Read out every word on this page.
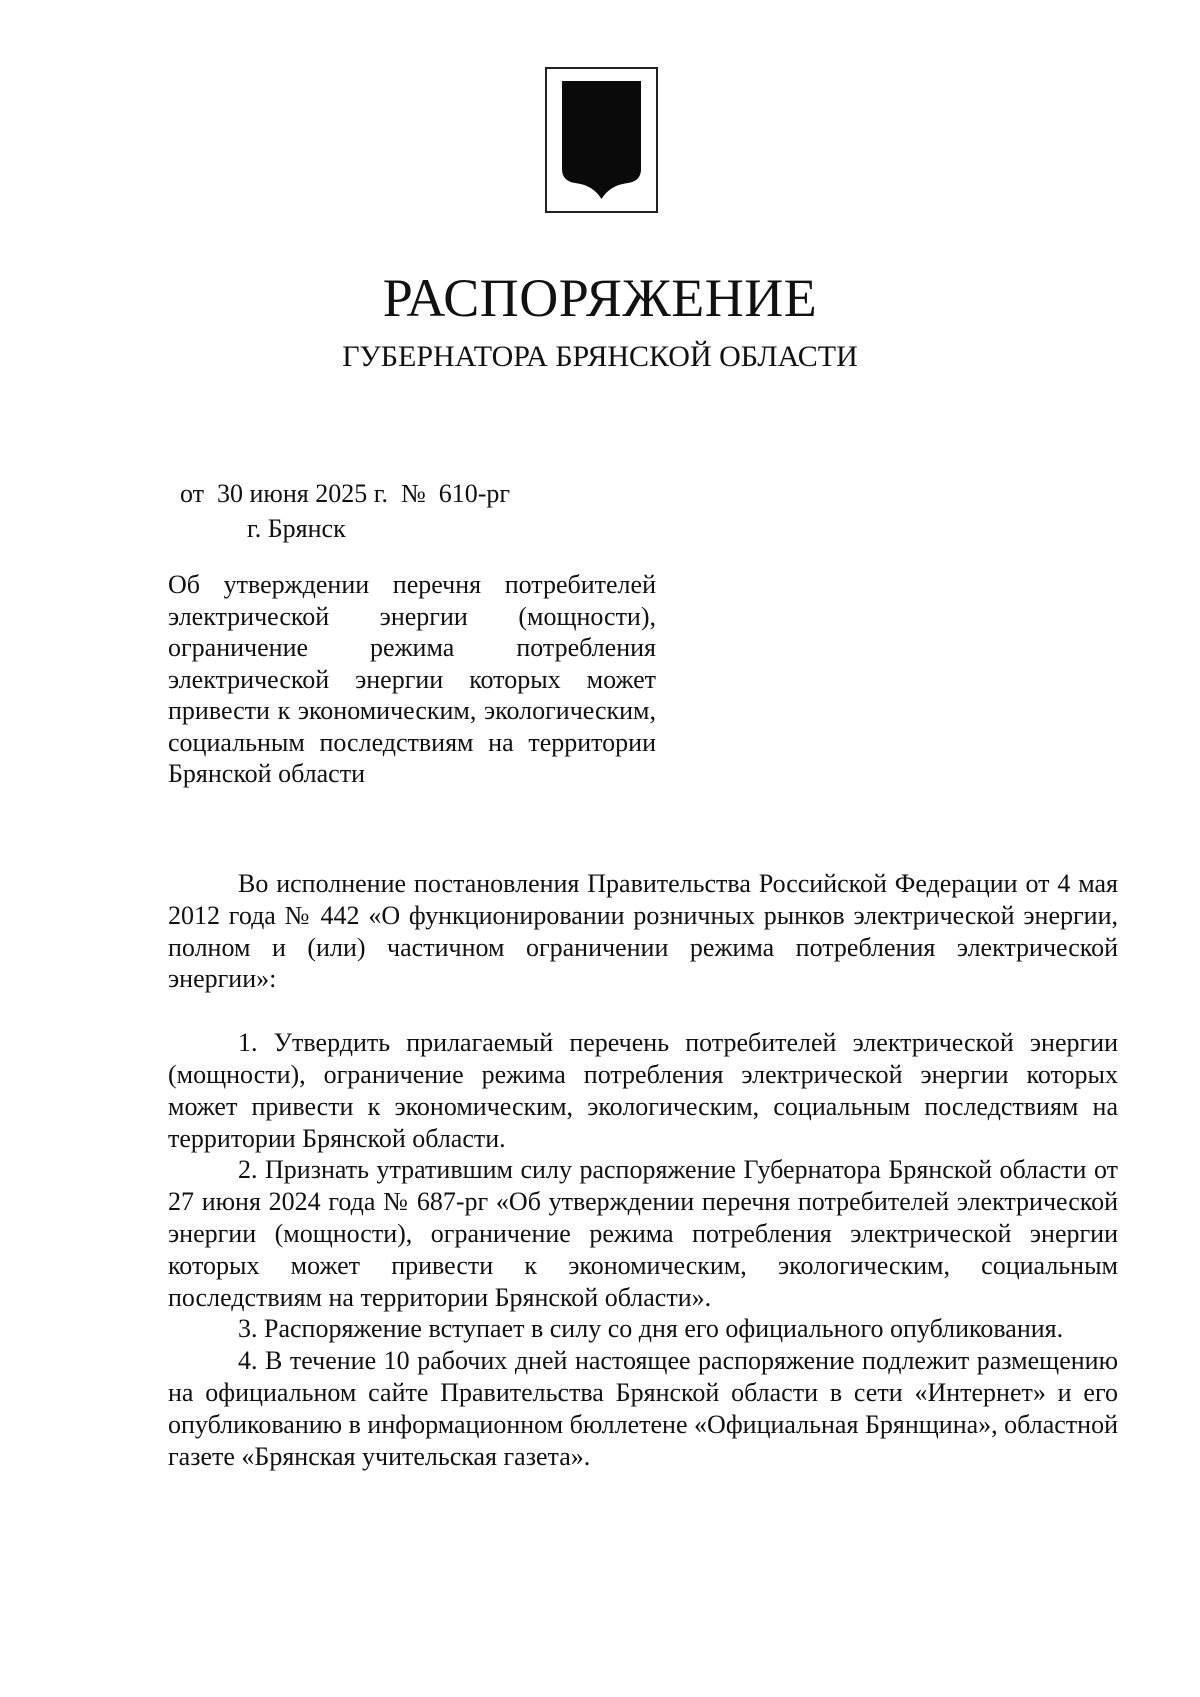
РАСПОРЯЖЕНИЕ
ГУБЕРНАТОРА БРЯНСКОЙ ОБЛАСТИ
от  30 июня 2025 г.  №  610-рг
г. Брянск
Об утверждении перечня потребителей электрической энергии (мощности), ограничение режима потребления электрической энергии которых может привести к экономическим, экологическим, социальным последствиям на территории Брянской области

Во исполнение постановления Правительства Российской Федерации от 4 мая 2012 года № 442 «О функционировании розничных рынков электрической энергии, полном и (или) частичном ограничении режима потребления электрической энергии»:

1. Утвердить прилагаемый перечень потребителей электрической энергии (мощности), ограничение режима потребления электрической энергии которых может привести к экономическим, экологическим, социальным последствиям на территории Брянской области.

2. Признать утратившим силу распоряжение Губернатора Брянской области от 27 июня 2024 года № 687-рг «Об утверждении перечня потребителей электрической энергии (мощности), ограничение режима потребления электрической энергии которых может привести к экономическим, экологическим, социальным последствиям на территории Брянской области».

3. Распоряжение вступает в силу со дня его официального опубликования.

4. В течение 10 рабочих дней настоящее распоряжение подлежит размещению на официальном сайте Правительства Брянской области в сети «Интернет» и его опубликованию в информационном бюллетене «Официальная Брянщина», областной газете «Брянская учительская газета».
